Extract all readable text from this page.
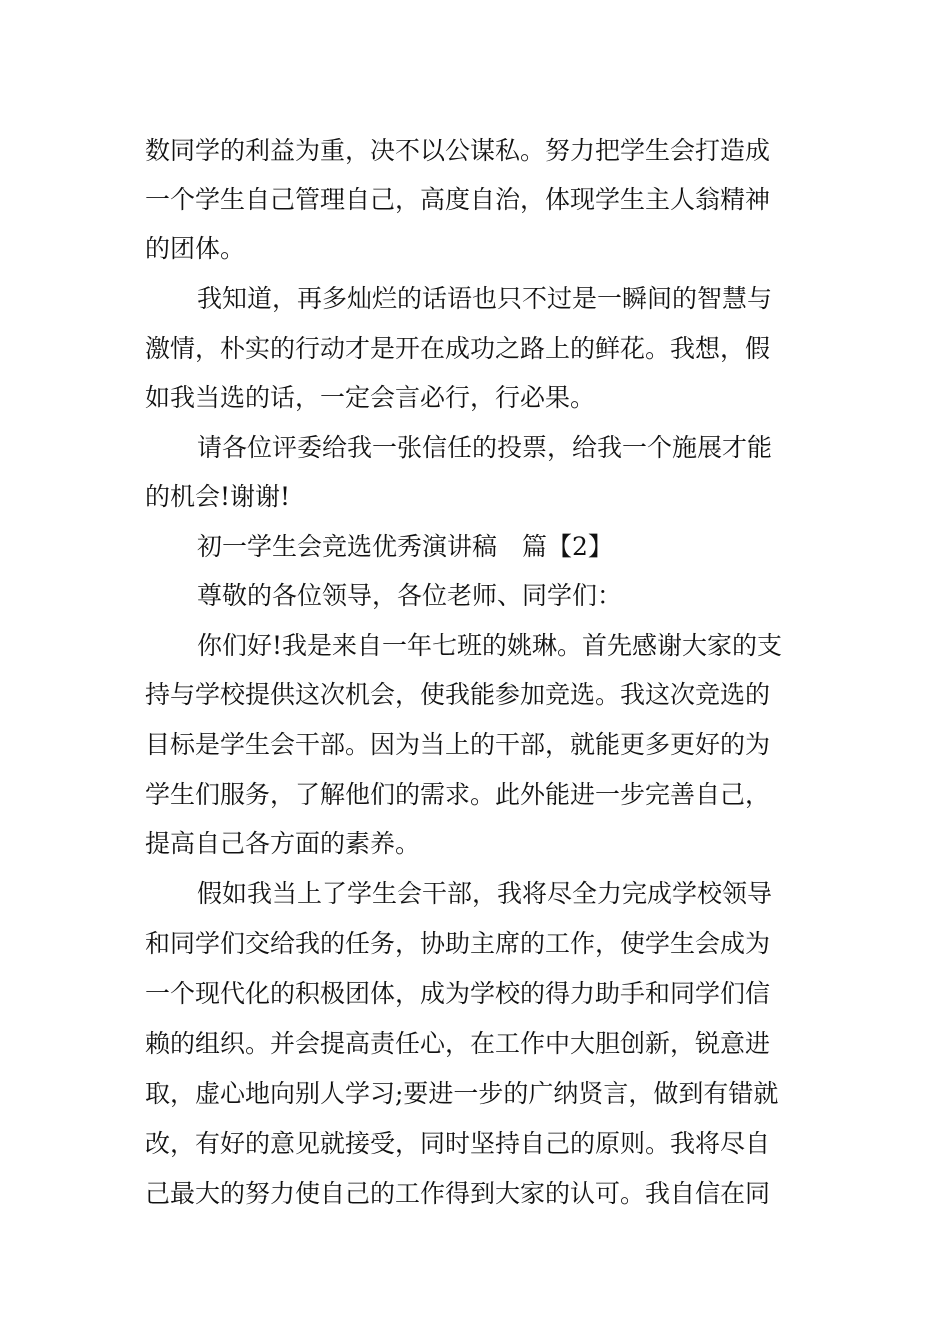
数同学的利益为重，决不以公谋私。努力把学生会打造成
一个学生自己管理自己，高度自治，体现学生主人翁精神
的团体。
我知道，再多灿烂的话语也只不过是一瞬间的智慧与
激情，朴实的行动才是开在成功之路上的鲜花。我想，假
如我当选的话，一定会言必行，行必果。
请各位评委给我一张信任的投票，给我一个施展才能
的机会!谢谢!
初一学生会竞选优秀演讲稿　篇【2】
尊敬的各位领导，各位老师、同学们：
你们好!我是来自一年七班的姚琳。首先感谢大家的支
持与学校提供这次机会，使我能参加竞选。我这次竞选的
目标是学生会干部。因为当上的干部，就能更多更好的为
学生们服务，了解他们的需求。此外能进一步完善自己，
提高自己各方面的素养。
假如我当上了学生会干部，我将尽全力完成学校领导
和同学们交给我的任务，协助主席的工作，使学生会成为
一个现代化的积极团体，成为学校的得力助手和同学们信
赖的组织。并会提高责任心，在工作中大胆创新，锐意进
取，虚心地向别人学习;要进一步的广纳贤言，做到有错就
改，有好的意见就接受，同时坚持自己的原则。我将尽自
己最大的努力使自己的工作得到大家的认可。我自信在同
